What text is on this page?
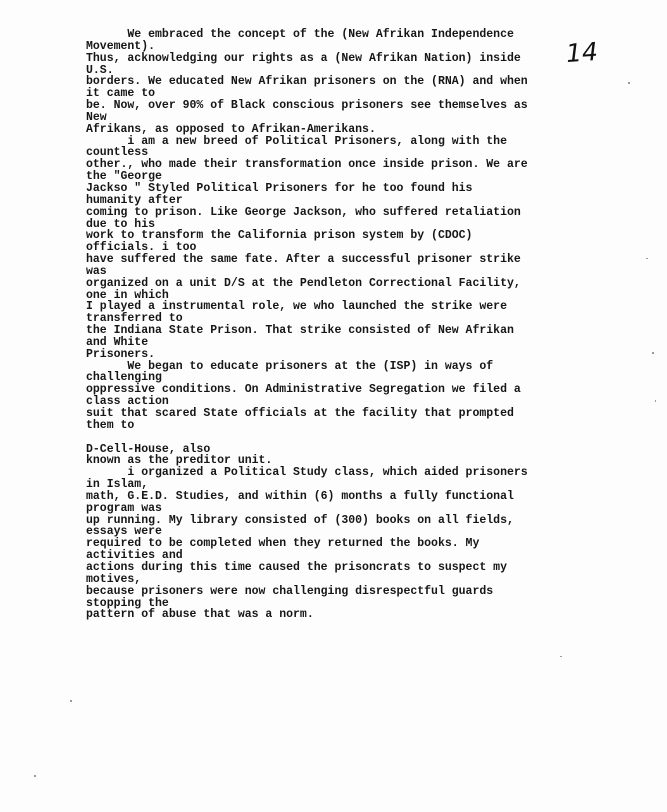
14
We embraced the concept of the (New Afrikan Independence
Movement).
Thus, acknowledging our rights as a (New Afrikan Nation) inside
U.S.
borders. We educated New Afrikan prisoners on the (RNA) and when
it came to
be. Now, over 90% of Black conscious prisoners see themselves as
New
Afrikans, as opposed to Afrikan-Amerikans.
i am a new breed of Political Prisoners, along with the
countless
other., who made their transformation once inside prison. We are
the "George
Jackso " Styled Political Prisoners for he too found his
humanity after
coming to prison. Like George Jackson, who suffered retaliation
due to his
work to transform the California prison system by (CDOC)
officials. i too
have suffered the same fate. After a successful prisoner strike
was
organized on a unit D/S at the Pendleton Correctional Facility,
one in which
I played a instrumental role, we who launched the strike were
transferred to
the Indiana State Prison. That strike consisted of New Afrikan
and White
Prisoners.
We began to educate prisoners at the (ISP) in ways of
challenging
oppressive conditions. On Administrative Segregation we filed a
class action
suit that scared State officials at the facility that prompted
them to

D-Cell-House, also
known as the preditor unit.
i organized a Political Study class, which aided prisoners
in Islam,
math, G.E.D. Studies, and within (6) months a fully functional
program was
up running. My library consisted of (300) books on all fields,
essays were
required to be completed when they returned the books. My
activities and
actions during this time caused the prisoncrats to suspect my
motives,
because prisoners were now challenging disrespectful guards
stopping the
pattern of abuse that was a norm.
